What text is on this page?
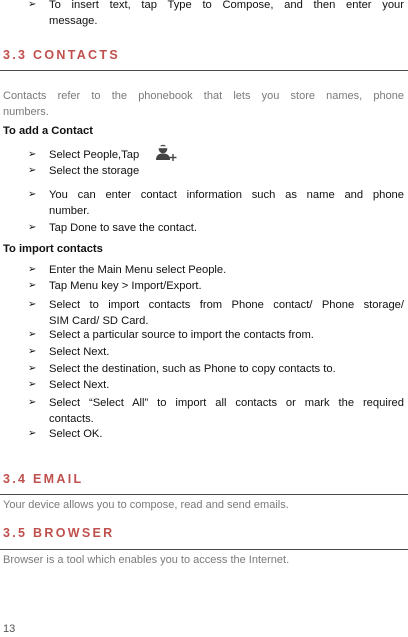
➢	To insert text, tap Type to Compose, and then enter your
message.
3.3 CONTACTS
Contacts refer to the phonebook that lets you store names, phone
numbers.
To add a Contact
➢	Select People,Tap
➢	Select the storage
➢	You can enter contact information such as name and phone
number.
➢	Tap Done to save the contact.
To import contacts
➢	Enter the Main Menu select People.
➢	Tap Menu key > Import/Export.
➢	Select to import contacts from Phone contact/ Phone storage/
SIM Card/ SD Card.
➢	Select a particular source to import the contacts from.
➢	Select Next.
➢	Select the destination, such as Phone to copy contacts to.
➢	Select Next.
➢	Select “Select All” to import all contacts or mark the required
contacts.
➢	Select OK.
3.4 EMAIL
Your device allows you to compose, read and send emails.
3.5 BROWSER
Browser is a tool which enables you to access the Internet.
13
